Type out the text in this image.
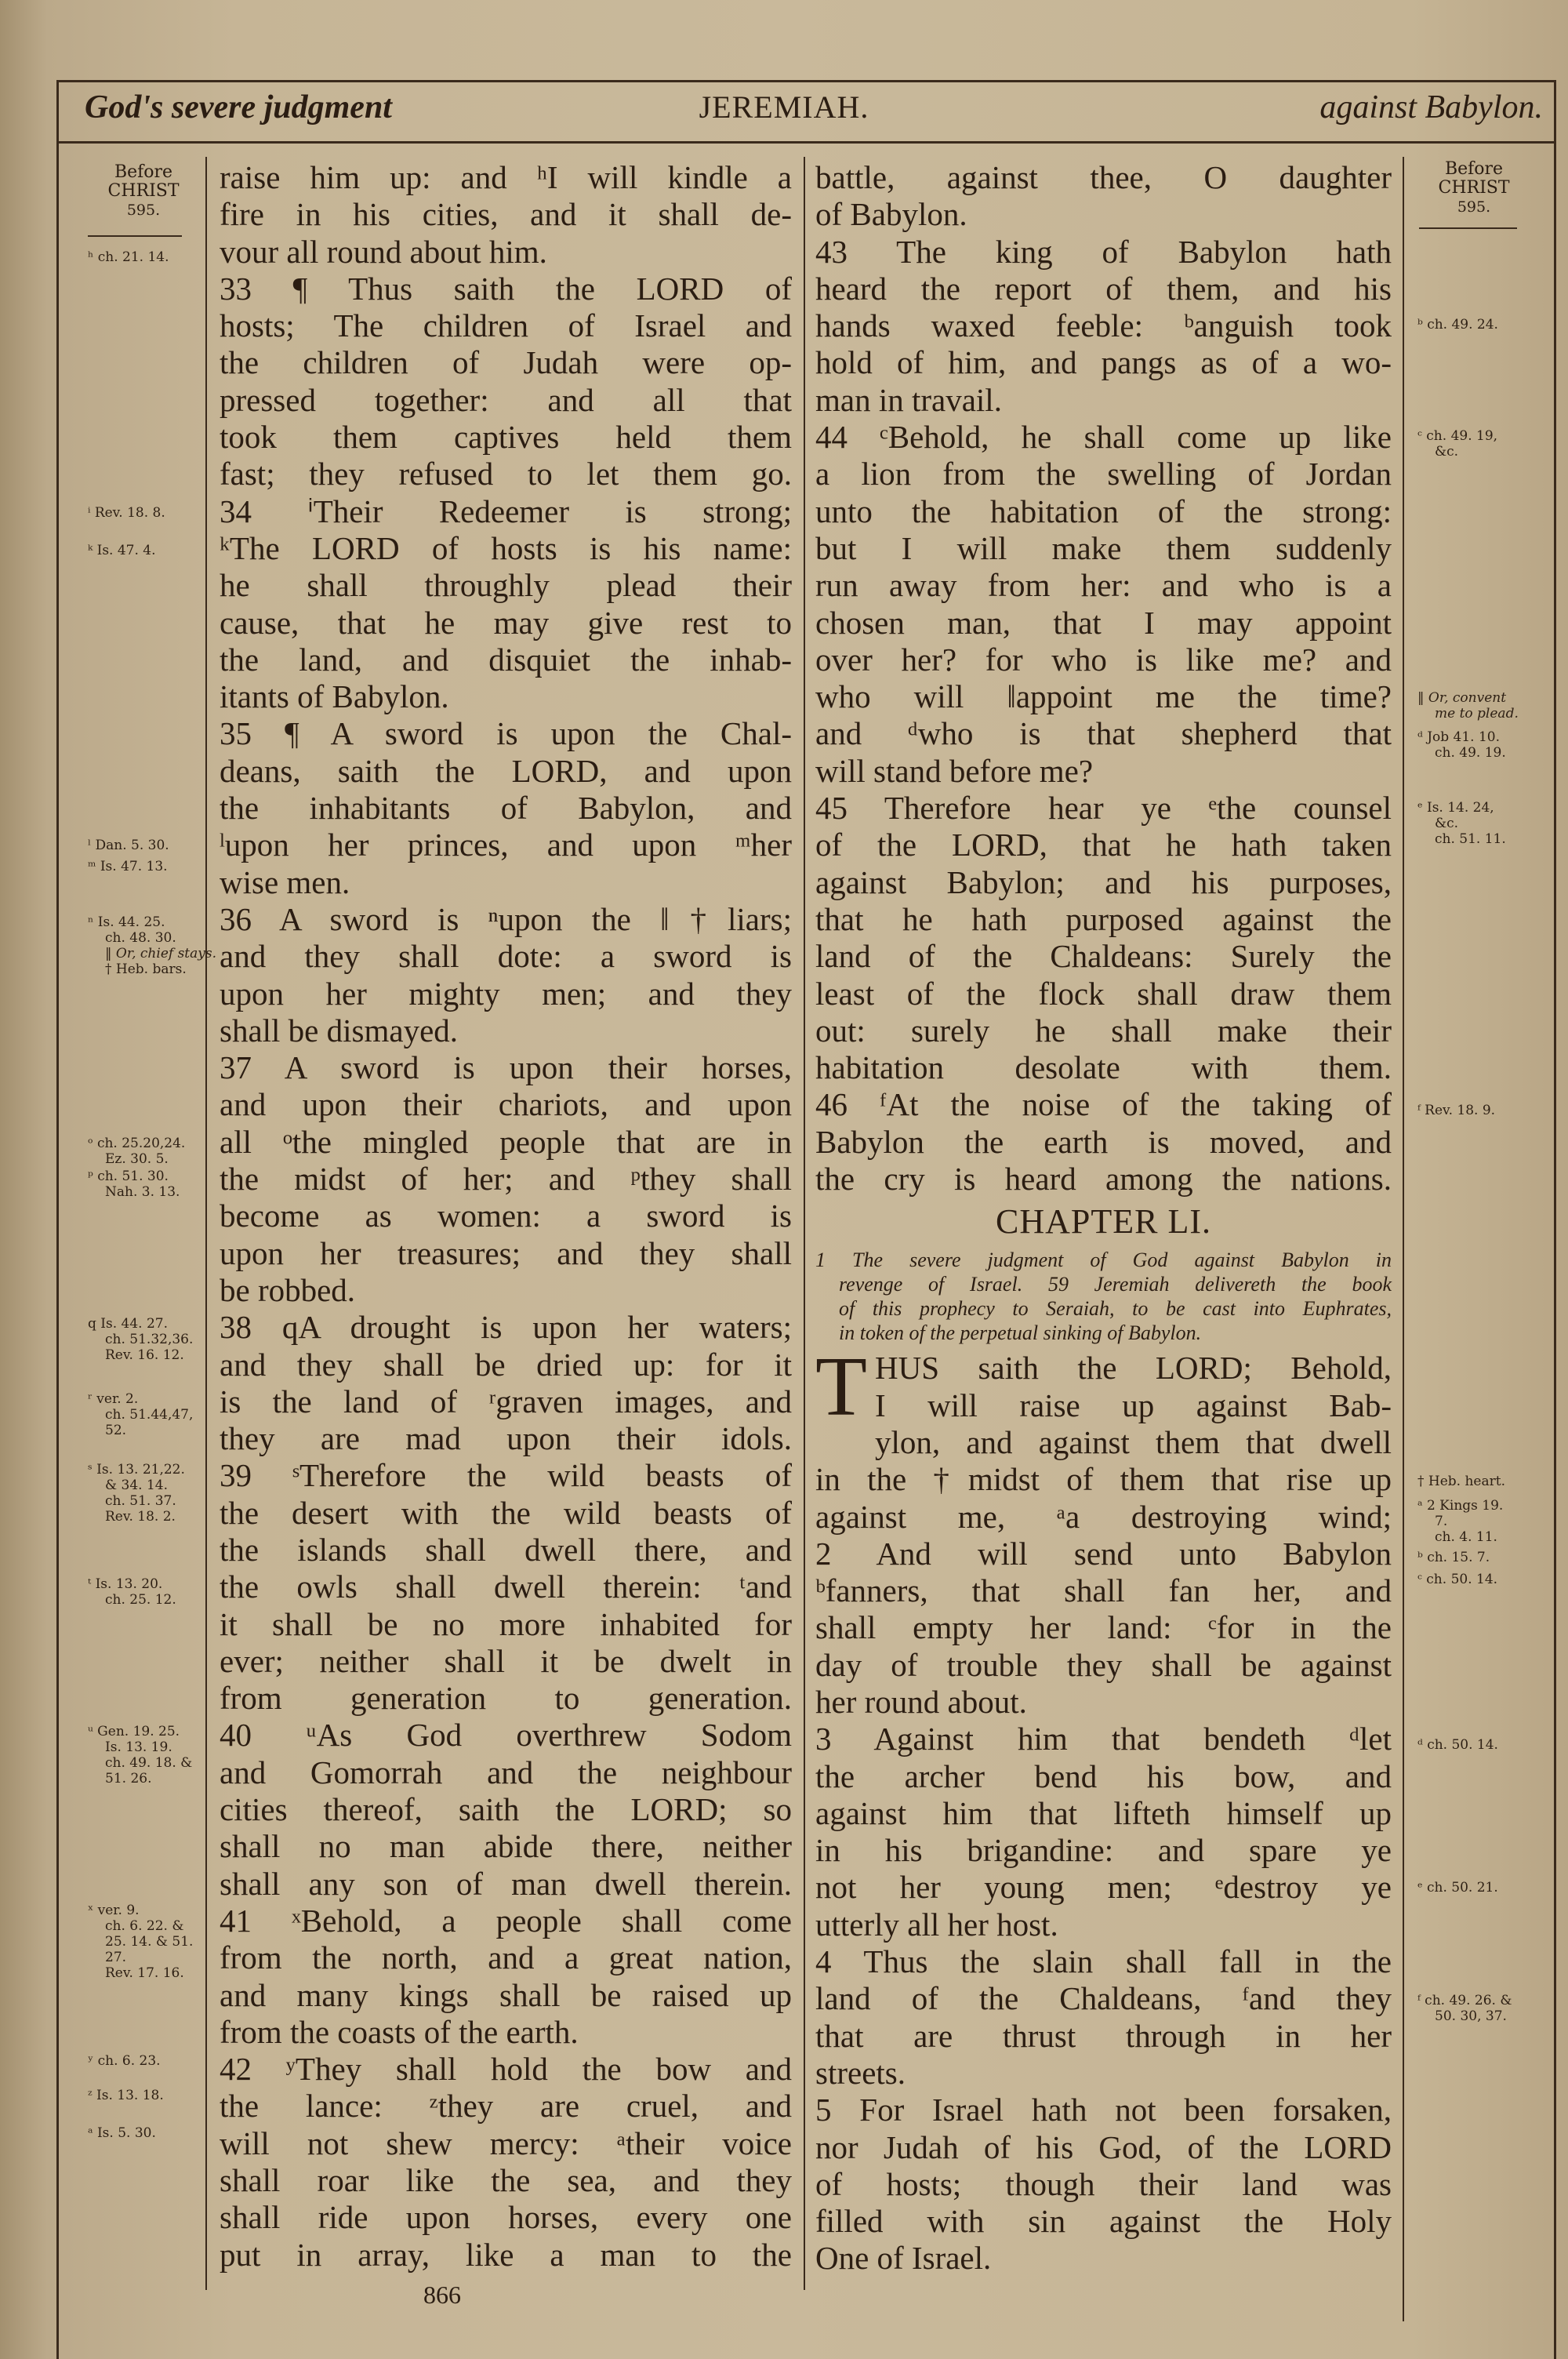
God's severe judgment	JEREMIAH.	against Babylon.
Before
CHRIST
595.
Before
CHRIST
595.
ʰ ch. 21. 14.
ⁱ Rev. 18. 8.
ᵏ Is. 47. 4.
ˡ Dan. 5. 30.
ᵐ Is. 47. 13.
ⁿ Is. 44. 25.
ch. 48. 30.
‖ Or, chief stays.
† Heb. bars.
ᵒ ch. 25.20,24.
Ez. 30. 5.
ᵖ ch. 51. 30.
Nah. 3. 13.
q Is. 44. 27.
ch. 51.32,36.
Rev. 16. 12.
ʳ ver. 2.
ch. 51.44,47,
52.
ˢ Is. 13. 21,22.
& 34. 14.
ch. 51. 37.
Rev. 18. 2.
ᵗ Is. 13. 20.
ch. 25. 12.
ᵘ Gen. 19. 25.
Is. 13. 19.
ch. 49. 18. &
51. 26.
ˣ ver. 9.
ch. 6. 22. &
25. 14. & 51.
27.
Rev. 17. 16.
ʸ ch. 6. 23.
ᶻ Is. 13. 18.
ᵃ Is. 5. 30.
ᵇ ch. 49. 24.
ᶜ ch. 49. 19,
&c.
‖ Or, convent
me to plead.
ᵈ Job 41. 10.
ch. 49. 19.
ᵉ Is. 14. 24,
&c.
ch. 51. 11.
ᶠ Rev. 18. 9.
† Heb. heart.
ᵃ 2 Kings 19.
7.
ch. 4. 11.
ᵇ ch. 15. 7.
ᶜ ch. 50. 14.
ᵈ ch. 50. 14.
ᵉ ch. 50. 21.
ᶠ ch. 49. 26. &
50. 30, 37.
raise him up: and ʰI will kindle a
fire in his cities, and it shall de-
vour all round about him.
33 ¶ Thus saith the LORD of
hosts; The children of Israel and
the children of Judah were op-
pressed together: and all that
took them captives held them
fast; they refused to let them go.
34 ⁱTheir Redeemer is strong;
ᵏThe LORD of hosts is his name:
he shall throughly plead their
cause, that he may give rest to
the land, and disquiet the inhab-
itants of Babylon.
35 ¶ A sword is upon the Chal-
deans, saith the LORD, and upon
the inhabitants of Babylon, and
ˡupon her princes, and upon ᵐher
wise men.
36 A sword is ⁿupon the ‖†liars;
and they shall dote: a sword is
upon her mighty men; and they
shall be dismayed.
37 A sword is upon their horses,
and upon their chariots, and upon
all ᵒthe mingled people that are in
the midst of her; and ᵖthey shall
become as women: a sword is
upon her treasures; and they shall
be robbed.
38 qA drought is upon her waters;
and they shall be dried up: for it
is the land of ʳgraven images, and
they are mad upon their idols.
39 ˢTherefore the wild beasts of
the desert with the wild beasts of
the islands shall dwell there, and
the owls shall dwell therein: ᵗand
it shall be no more inhabited for
ever; neither shall it be dwelt in
from generation to generation.
40 ᵘAs God overthrew Sodom
and Gomorrah and the neighbour
cities thereof, saith the LORD; so
shall no man abide there, neither
shall any son of man dwell therein.
41 ˣBehold, a people shall come
from the north, and a great nation,
and many kings shall be raised up
from the coasts of the earth.
42 ʸThey shall hold the bow and
the lance: ᶻthey are cruel, and
will not shew mercy: ᵃtheir voice
shall roar like the sea, and they
shall ride upon horses, every one
put in array, like a man to the
battle, against thee, O daughter
of Babylon.
43 The king of Babylon hath
heard the report of them, and his
hands waxed feeble: ᵇanguish took
hold of him, and pangs as of a wo-
man in travail.
44 ᶜBehold, he shall come up like
a lion from the swelling of Jordan
unto the habitation of the strong:
but I will make them suddenly
run away from her: and who is a
chosen man, that I may appoint
over her? for who is like me? and
who will ‖appoint me the time?
and ᵈwho is that shepherd that
will stand before me?
45 Therefore hear ye ᵉthe counsel
of the LORD, that he hath taken
against Babylon; and his purposes,
that he hath purposed against the
land of the Chaldeans: Surely the
least of the flock shall draw them
out: surely he shall make their
habitation desolate with them.
46 ᶠAt the noise of the taking of
Babylon the earth is moved, and
the cry is heard among the nations.
CHAPTER LI.
1 The severe judgment of God against Babylon in
revenge of Israel. 59 Jeremiah delivereth the book
of this prophecy to Seraiah, to be cast into Euphrates,
in token of the perpetual sinking of Babylon.
T HUS saith the LORD; Behold,
I will raise up against Bab-
ylon, and against them that dwell
in the †midst of them that rise up
against me, ᵃa destroying wind;
2 And will send unto Babylon
ᵇfanners, that shall fan her, and
shall empty her land: ᶜfor in the
day of trouble they shall be against
her round about.
3 Against him that bendeth ᵈlet
the archer bend his bow, and
against him that lifteth himself up
in his brigandine: and spare ye
not her young men; ᵉdestroy ye
utterly all her host.
4 Thus the slain shall fall in the
land of the Chaldeans, ᶠand they
that are thrust through in her
streets.
5 For Israel hath not been forsaken,
nor Judah of his God, of the LORD
of hosts; though their land was
filled with sin against the Holy
One of Israel.
866
